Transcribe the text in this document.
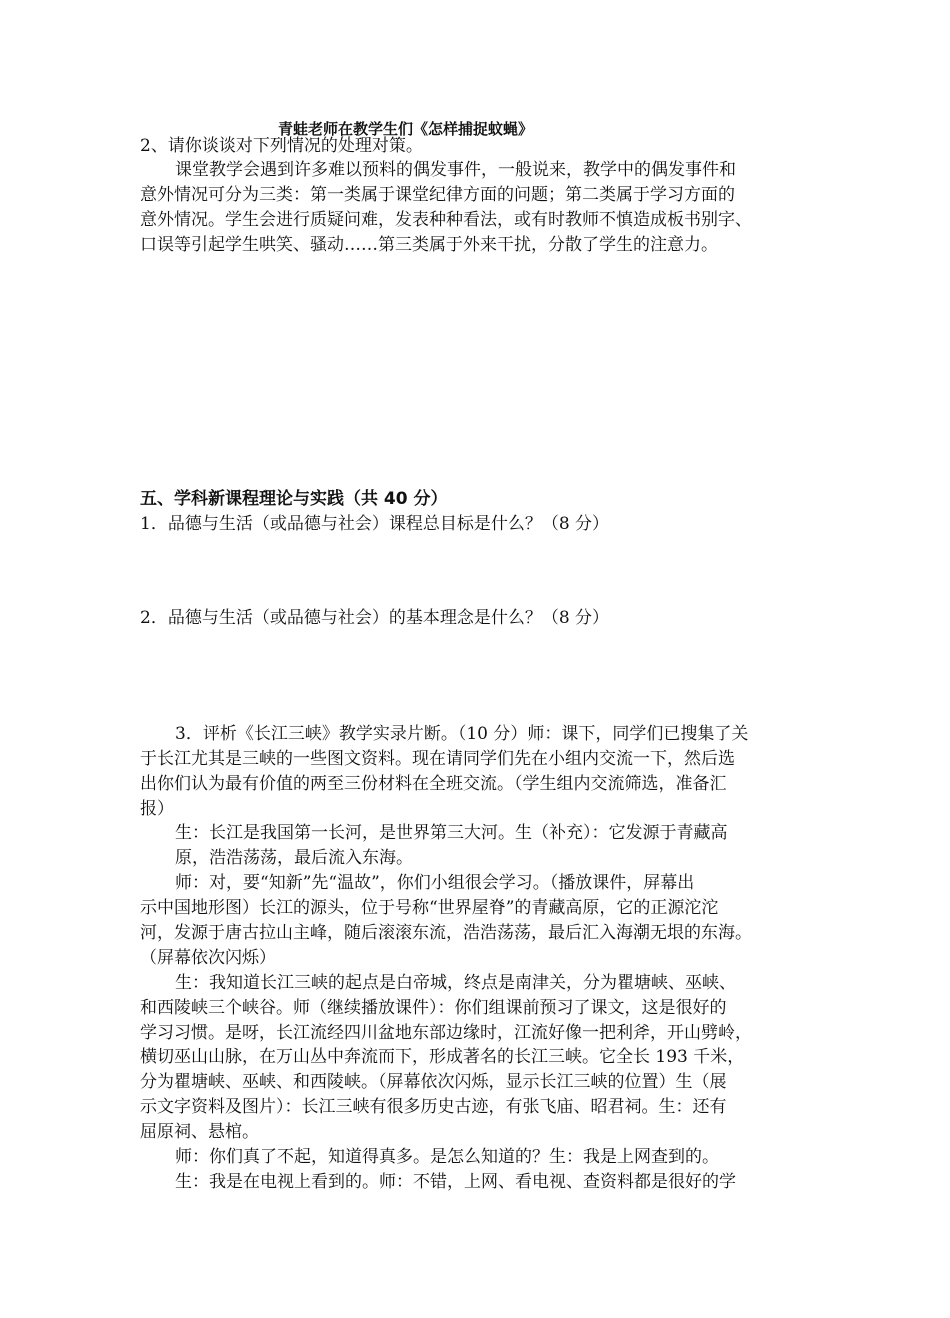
青蛙老师在教学生们《怎样捕捉蚊蝇》
2、请你谈谈对下列情况的处理对策。
课堂教学会遇到许多难以预料的偶发事件，一般说来，教学中的偶发事件和
意外情况可分为三类：第一类属于课堂纪律方面的问题；第二类属于学习方面的
意外情况。学生会进行质疑问难，发表种种看法，或有时教师不慎造成板书别字、
口误等引起学生哄笑、骚动……第三类属于外来干扰，分散了学生的注意力。
五、学科新课程理论与实践（共 40 分）
1．品德与生活（或品德与社会）课程总目标是什么？（8 分）
2．品德与生活（或品德与社会）的基本理念是什么？（8 分）
3．评析《长江三峡》教学实录片断。（10 分）师：课下，同学们已搜集了关
于长江尤其是三峡的一些图文资料。现在请同学们先在小组内交流一下，然后选
出你们认为最有价值的两至三份材料在全班交流。（学生组内交流筛选，准备汇
报）
生：长江是我国第一长河，是世界第三大河。生（补充）：它发源于青藏高
原，浩浩荡荡，最后流入东海。
师：对，要“知新”先“温故”，你们小组很会学习。（播放课件，屏幕出
示中国地形图）长江的源头，位于号称“世界屋脊”的青藏高原，它的正源沱沱
河，发源于唐古拉山主峰，随后滚滚东流，浩浩荡荡，最后汇入海潮无垠的东海。
（屏幕依次闪烁）
生：我知道长江三峡的起点是白帝城，终点是南津关，分为瞿塘峡、巫峡、
和西陵峡三个峡谷。师（继续播放课件）：你们组课前预习了课文，这是很好的
学习习惯。是呀，长江流经四川盆地东部边缘时，江流好像一把利斧，开山劈岭，
横切巫山山脉，在万山丛中奔流而下，形成著名的长江三峡。它全长 193 千米，
分为瞿塘峡、巫峡、和西陵峡。（屏幕依次闪烁，显示长江三峡的位置）生（展
示文字资料及图片）：长江三峡有很多历史古迹，有张飞庙、昭君祠。生：还有
屈原祠、悬棺。
师：你们真了不起，知道得真多。是怎么知道的？生：我是上网查到的。
生：我是在电视上看到的。师：不错，上网、看电视、查资料都是很好的学
